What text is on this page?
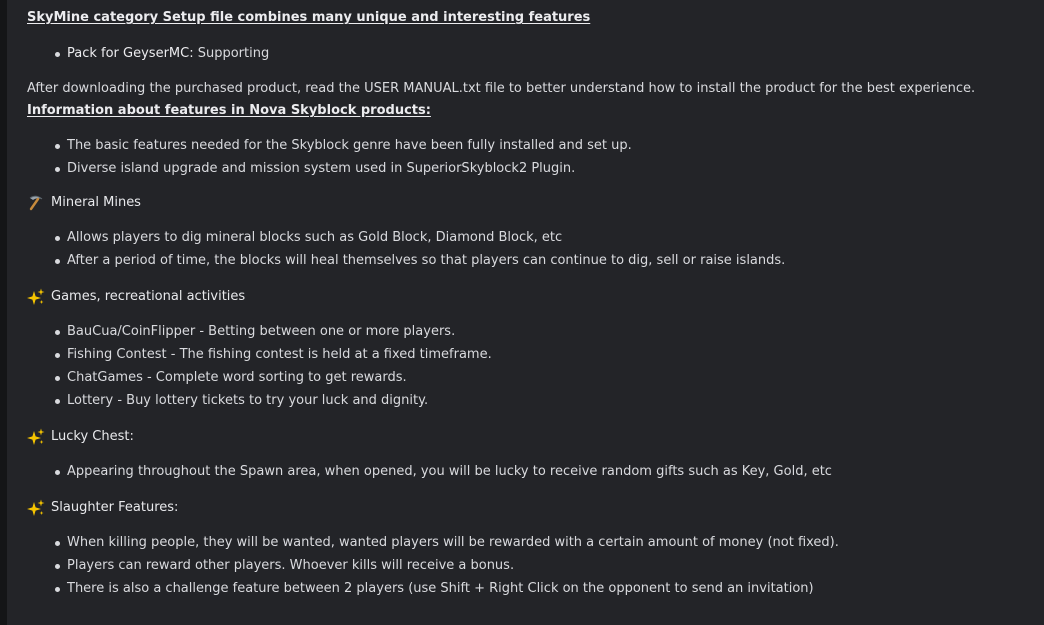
SkyMine category Setup file combines many unique and interesting features
Pack for GeyserMC: Supporting
After downloading the purchased product, read the USER MANUAL.txt file to better understand how to install the product for the best experience.
Information about features in Nova Skyblock products:
The basic features needed for the Skyblock genre have been fully installed and set up.
Diverse island upgrade and mission system used in SuperiorSkyblock2 Plugin.
Mineral Mines
Allows players to dig mineral blocks such as Gold Block, Diamond Block, etc
After a period of time, the blocks will heal themselves so that players can continue to dig, sell or raise islands.
Games, recreational activities
BauCua/CoinFlipper - Betting between one or more players.
Fishing Contest - The fishing contest is held at a fixed timeframe.
ChatGames - Complete word sorting to get rewards.
Lottery - Buy lottery tickets to try your luck and dignity.
Lucky Chest:
Appearing throughout the Spawn area, when opened, you will be lucky to receive random gifts such as Key, Gold, etc
Slaughter Features:
When killing people, they will be wanted, wanted players will be rewarded with a certain amount of money (not fixed).
Players can reward other players. Whoever kills will receive a bonus.
There is also a challenge feature between 2 players (use Shift + Right Click on the opponent to send an invitation)
